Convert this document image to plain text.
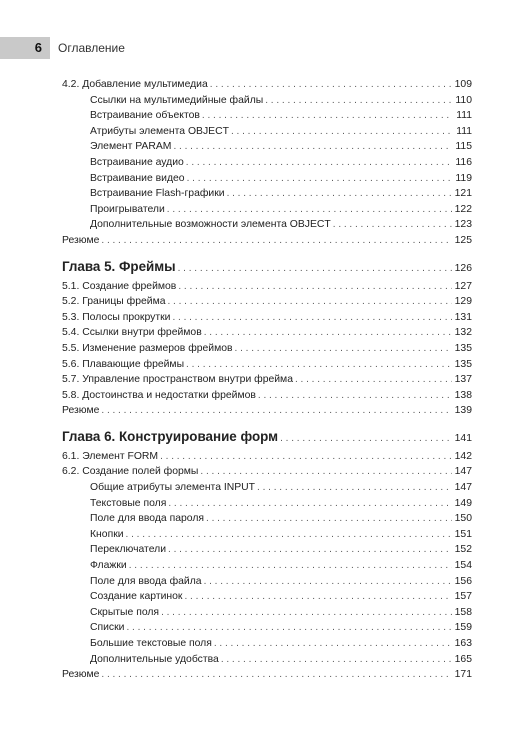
6 Оглавление
4.2. Добавление мультимедиа . . .	109
Ссылки на мультимедийные файлы . . .	110
Встраивание объектов . . .	111
Атрибуты элемента OBJECT . . .	111
Элемент PARAM . . .	115
Встраивание аудио . . .	116
Встраивание видео . . .	119
Встраивание Flash-графики . . .	121
Проигрыватели . . .	122
Дополнительные возможности элемента OBJECT . . .	123
Резюме . . .	125
Глава 5. Фреймы . . .	126
5.1. Создание фреймов . . .	127
5.2. Границы фрейма . . .	129
5.3. Полосы прокрутки . . .	131
5.4. Ссылки внутри фреймов . . .	132
5.5. Изменение размеров фреймов . . .	135
5.6. Плавающие фреймы . . .	135
5.7. Управление пространством внутри фрейма . . .	137
5.8. Достоинства и недостатки фреймов . . .	138
Резюме . . .	139
Глава 6. Конструирование форм . . .	141
6.1. Элемент FORM . . .	142
6.2. Создание полей формы . . .	147
Общие атрибуты элемента INPUT . . .	147
Текстовые поля . . .	149
Поле для ввода пароля . . .	150
Кнопки . . .	151
Переключатели . . .	152
Флажки . . .	154
Поле для ввода файла . . .	156
Создание картинок . . .	157
Скрытые поля . . .	158
Списки . . .	159
Большие текстовые поля . . .	163
Дополнительные удобства . . .	165
Резюме . . .	171
